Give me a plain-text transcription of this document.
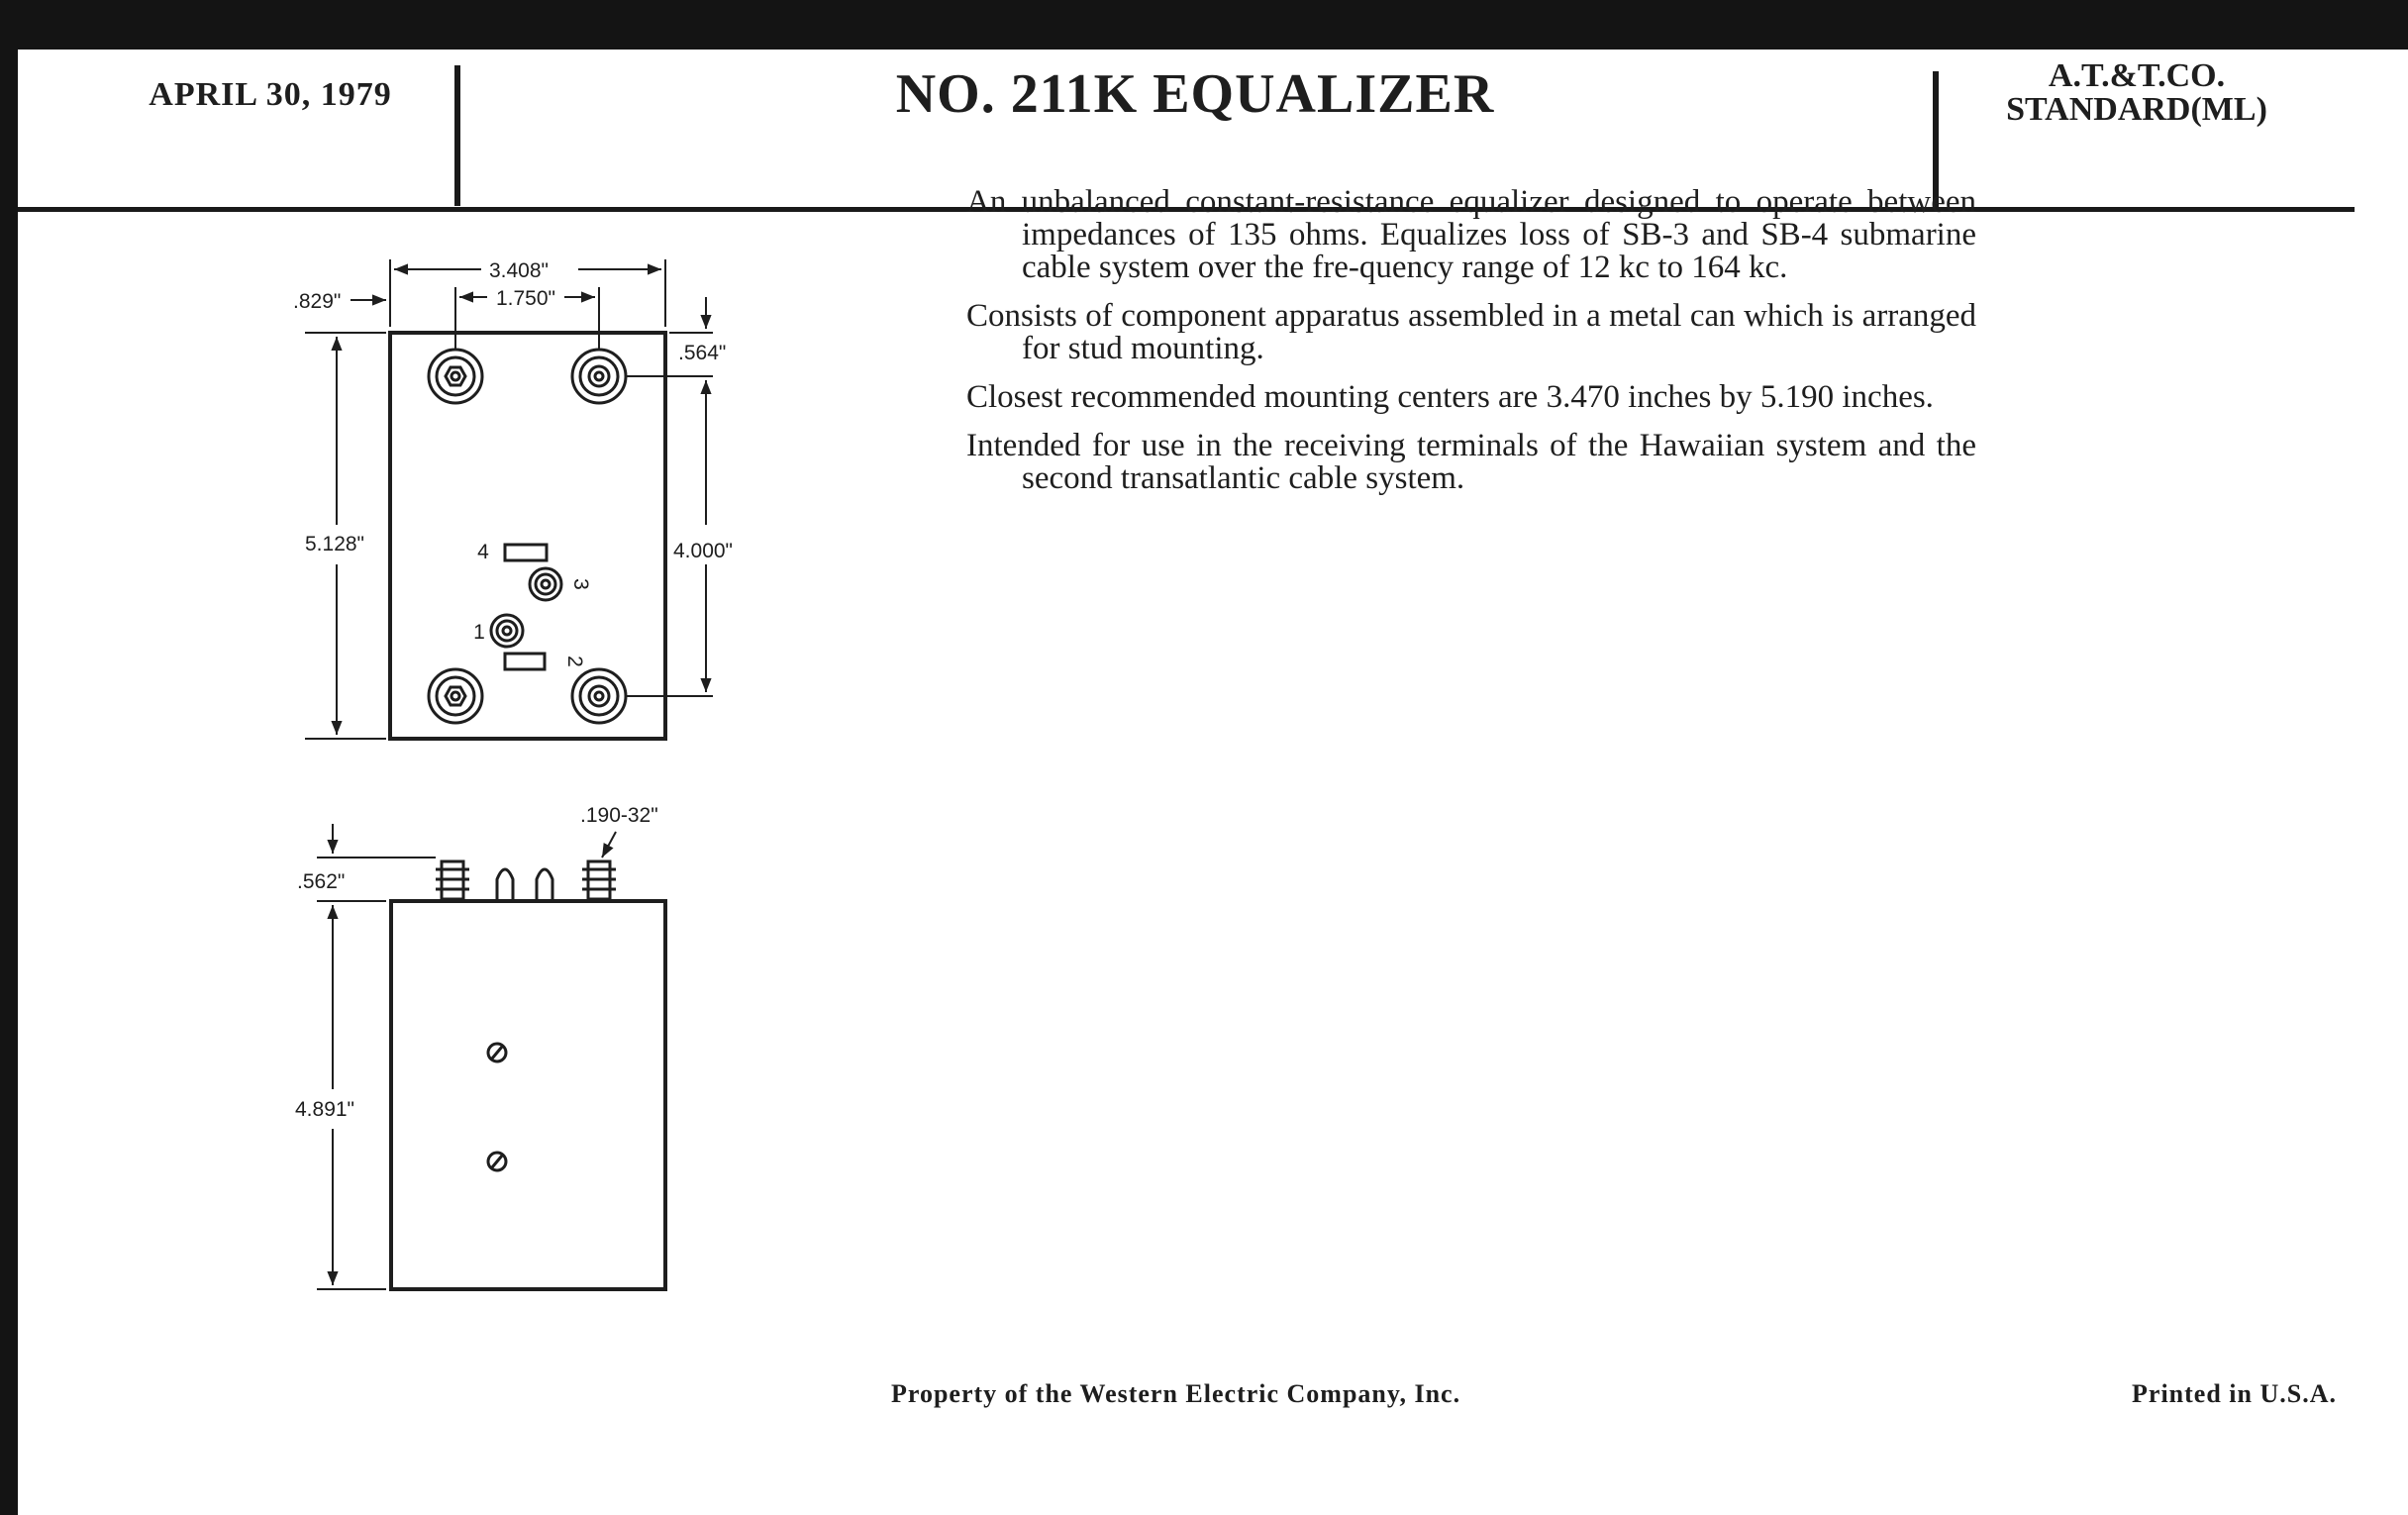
APRIL 30, 1979	NO. 211K EQUALIZER	A.T.&T.CO.
STANDARD(ML)

An unbalanced constant-resistance equalizer designed to operate between impedances of 135 ohms. Equalizes loss of SB-3 and SB-4 submarine cable system over the fre-quency range of 12 kc to 164 kc.

Consists of component apparatus assembled in a metal can which is arranged for stud mounting.

Closest recommended mounting centers are 3.470 inches by 5.190 inches.

Intended for use in the receiving terminals of the Hawaiian system and the second transatlantic cable system.

3.408"
1.750"
.829"
.564"
5.128"	4.000"
4
3
1
2
.190-32"
.562"
4.891"
Property of the Western Electric Company, Inc.	Printed in U.S.A.
